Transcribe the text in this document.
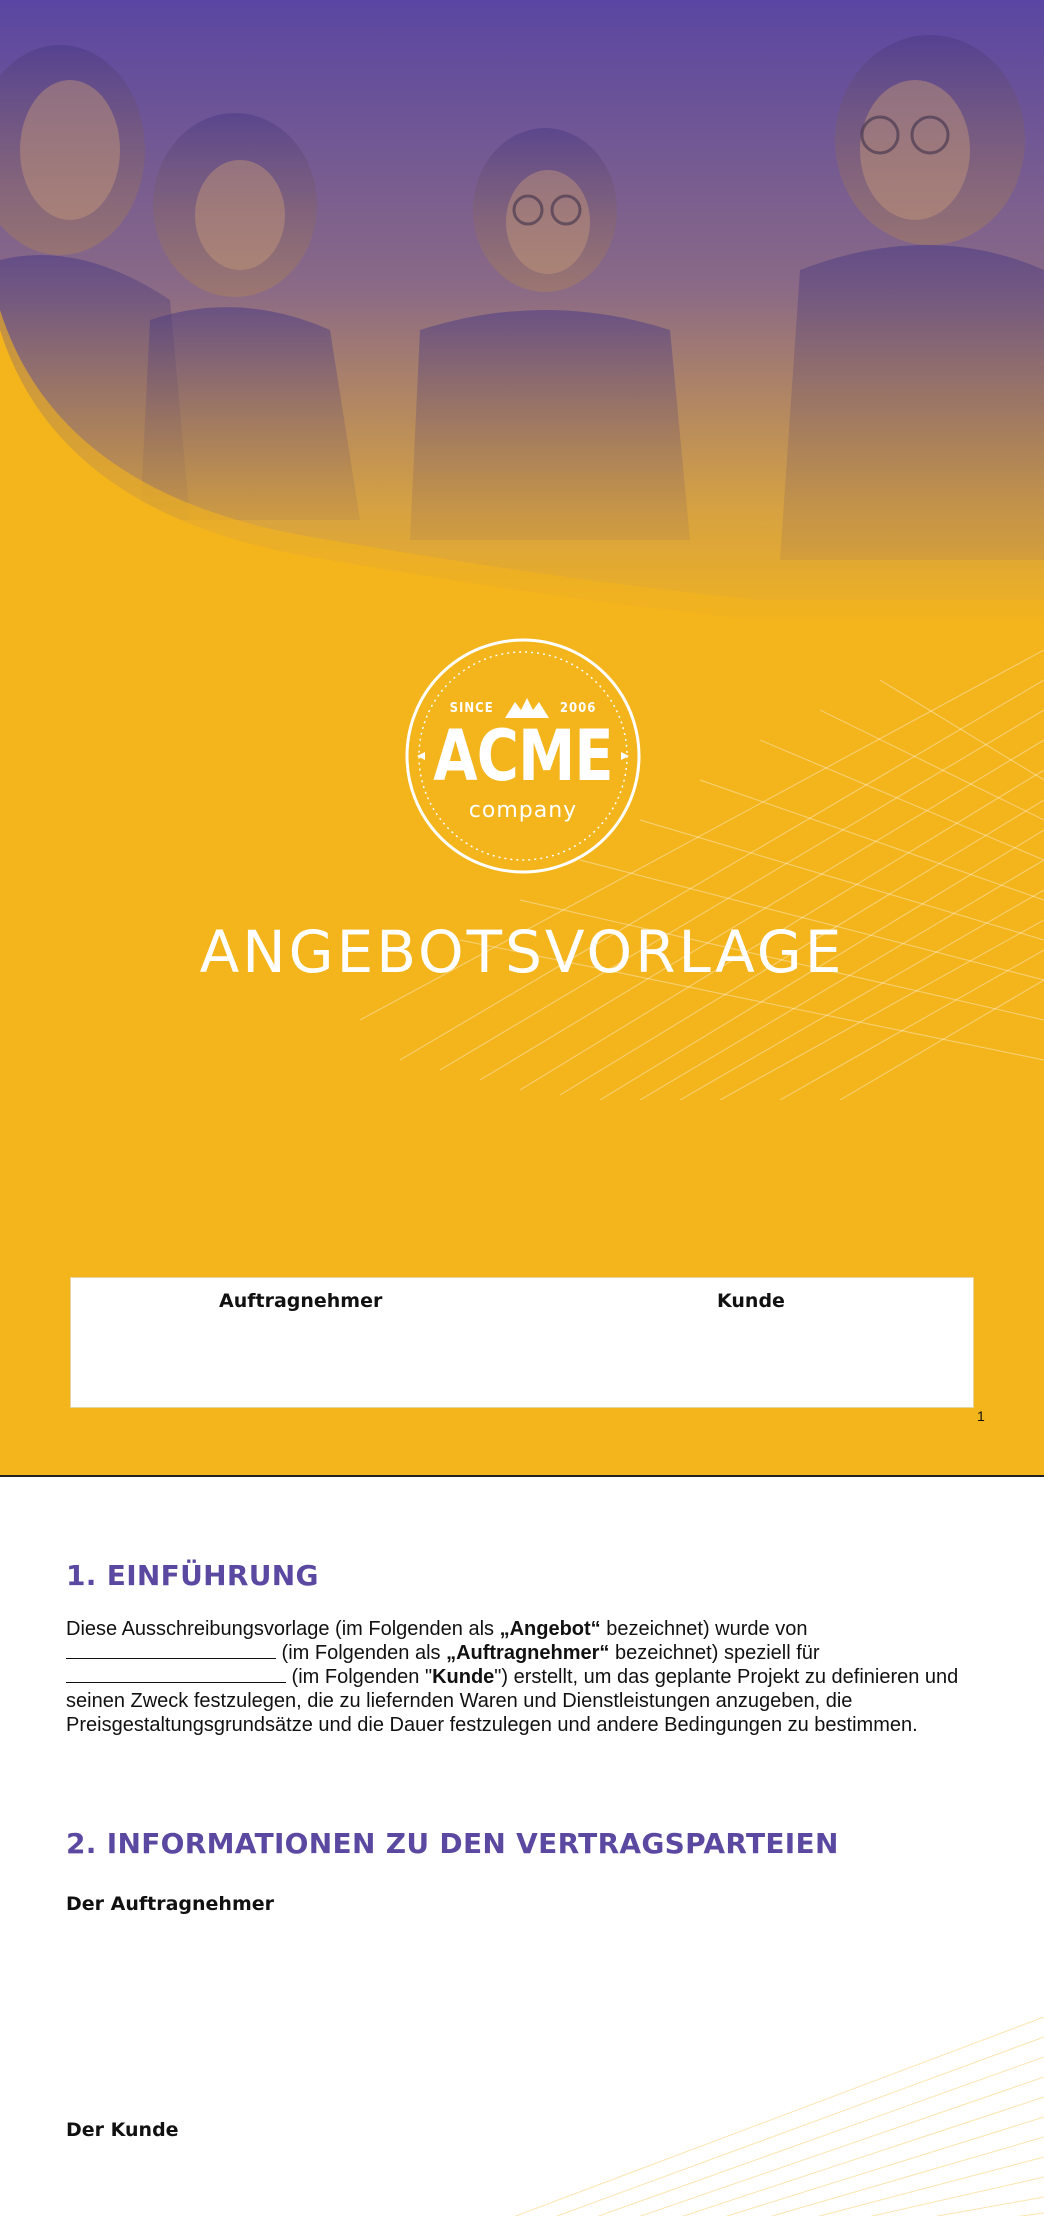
SINCE	2006
ACME
company
ANGEBOTSVORLAGE
Auftragnehmer	Kunde
1
1. EINFÜHRUNG
Diese Ausschreibungsvorlage (im Folgenden als „Angebot“ bezeichnet) wurde von
(im Folgenden als „Auftragnehmer“ bezeichnet) speziell für
(im Folgenden "Kunde") erstellt, um das geplante Projekt zu definieren und seinen Zweck festzulegen, die zu liefernden Waren und Dienstleistungen anzugeben, die Preisgestaltungsgrundsätze und die Dauer festzulegen und andere Bedingungen zu bestimmen.
2. INFORMATIONEN ZU DEN VERTRAGSPARTEIEN
Der Auftragnehmer
Der Kunde
